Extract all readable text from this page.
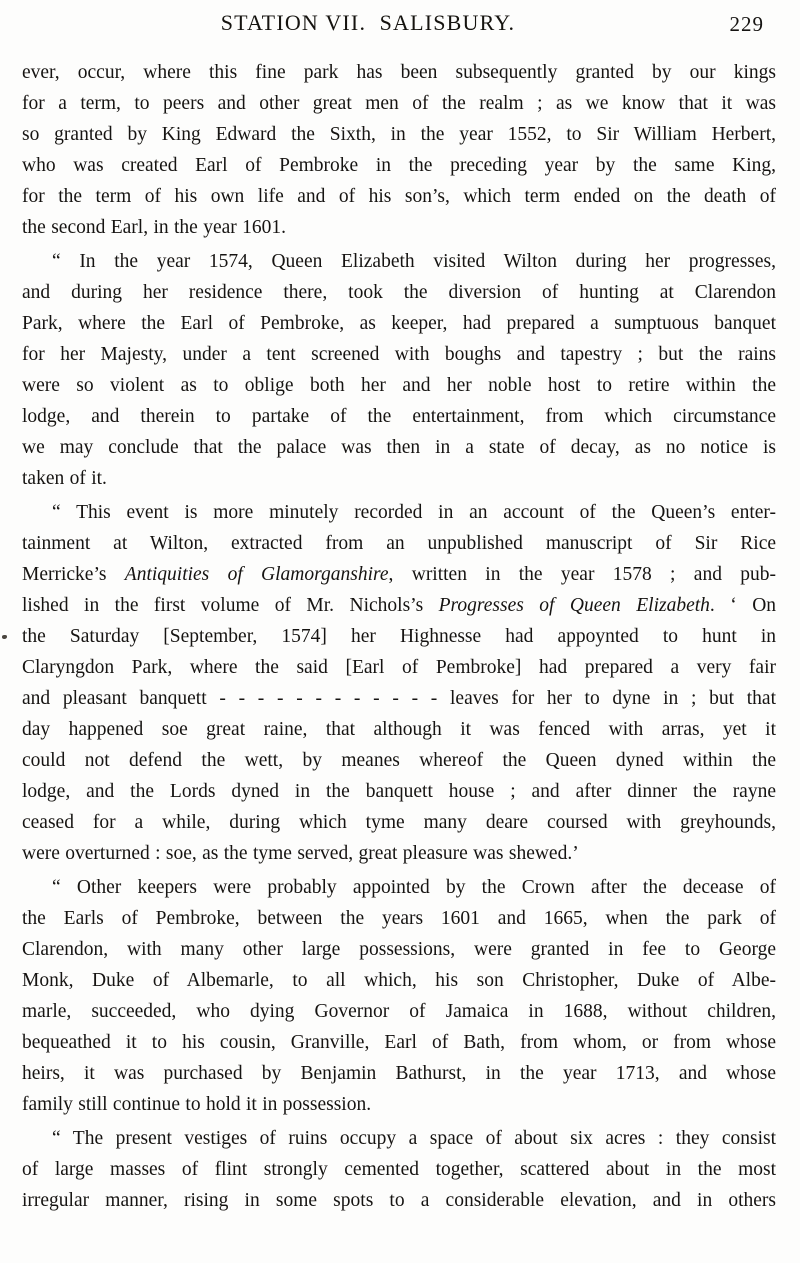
STATION VII.  SALISBURY.	229
ever, occur, where this fine park has been subsequently granted by our kings
for a term, to peers and other great men of the realm ; as we know that it was
so granted by King Edward the Sixth, in the year 1552, to Sir William Herbert,
who was created Earl of Pembroke in the preceding year by the same King,
for the term of his own life and of his son’s, which term ended on the death of
the second Earl, in the year 1601.
“ In the year 1574, Queen Elizabeth visited Wilton during her progresses,
and during her residence there, took the diversion of hunting at Clarendon
Park, where the Earl of Pembroke, as keeper, had prepared a sumptuous banquet
for her Majesty, under a tent screened with boughs and tapestry ; but the rains
were so violent as to oblige both her and her noble host to retire within the
lodge, and therein to partake of the entertainment, from which circumstance
we may conclude that the palace was then in a state of decay, as no notice is
taken of it.
“ This event is more minutely recorded in an account of the Queen’s enter-
tainment at Wilton, extracted from an unpublished manuscript of Sir Rice
Merricke’s Antiquities of Glamorganshire, written in the year 1578 ; and pub-
lished in the first volume of Mr. Nichols’s Progresses of Queen Elizabeth. ‘ On
the Saturday [September, 1574] her Highnesse had appoynted to hunt in
Claryngdon Park, where the said [Earl of Pembroke] had prepared a very fair
and pleasant banquett - - - - - - - - - - - - leaves for her to dyne in ; but that
day happened soe great raine, that although it was fenced with arras, yet it
could not defend the wett, by meanes whereof the Queen dyned within the
lodge, and the Lords dyned in the banquett house ; and after dinner the rayne
ceased for a while, during which tyme many deare coursed with greyhounds,
were overturned : soe, as the tyme served, great pleasure was shewed.’
“ Other keepers were probably appointed by the Crown after the decease of
the Earls of Pembroke, between the years 1601 and 1665, when the park of
Clarendon, with many other large possessions, were granted in fee to George
Monk, Duke of Albemarle, to all which, his son Christopher, Duke of Albe-
marle, succeeded, who dying Governor of Jamaica in 1688, without children,
bequeathed it to his cousin, Granville, Earl of Bath, from whom, or from whose
heirs, it was purchased by Benjamin Bathurst, in the year 1713, and whose
family still continue to hold it in possession.
“ The present vestiges of ruins occupy a space of about six acres : they consist
of large masses of flint strongly cemented together, scattered about in the most
irregular manner, rising in some spots to a considerable elevation, and in others
